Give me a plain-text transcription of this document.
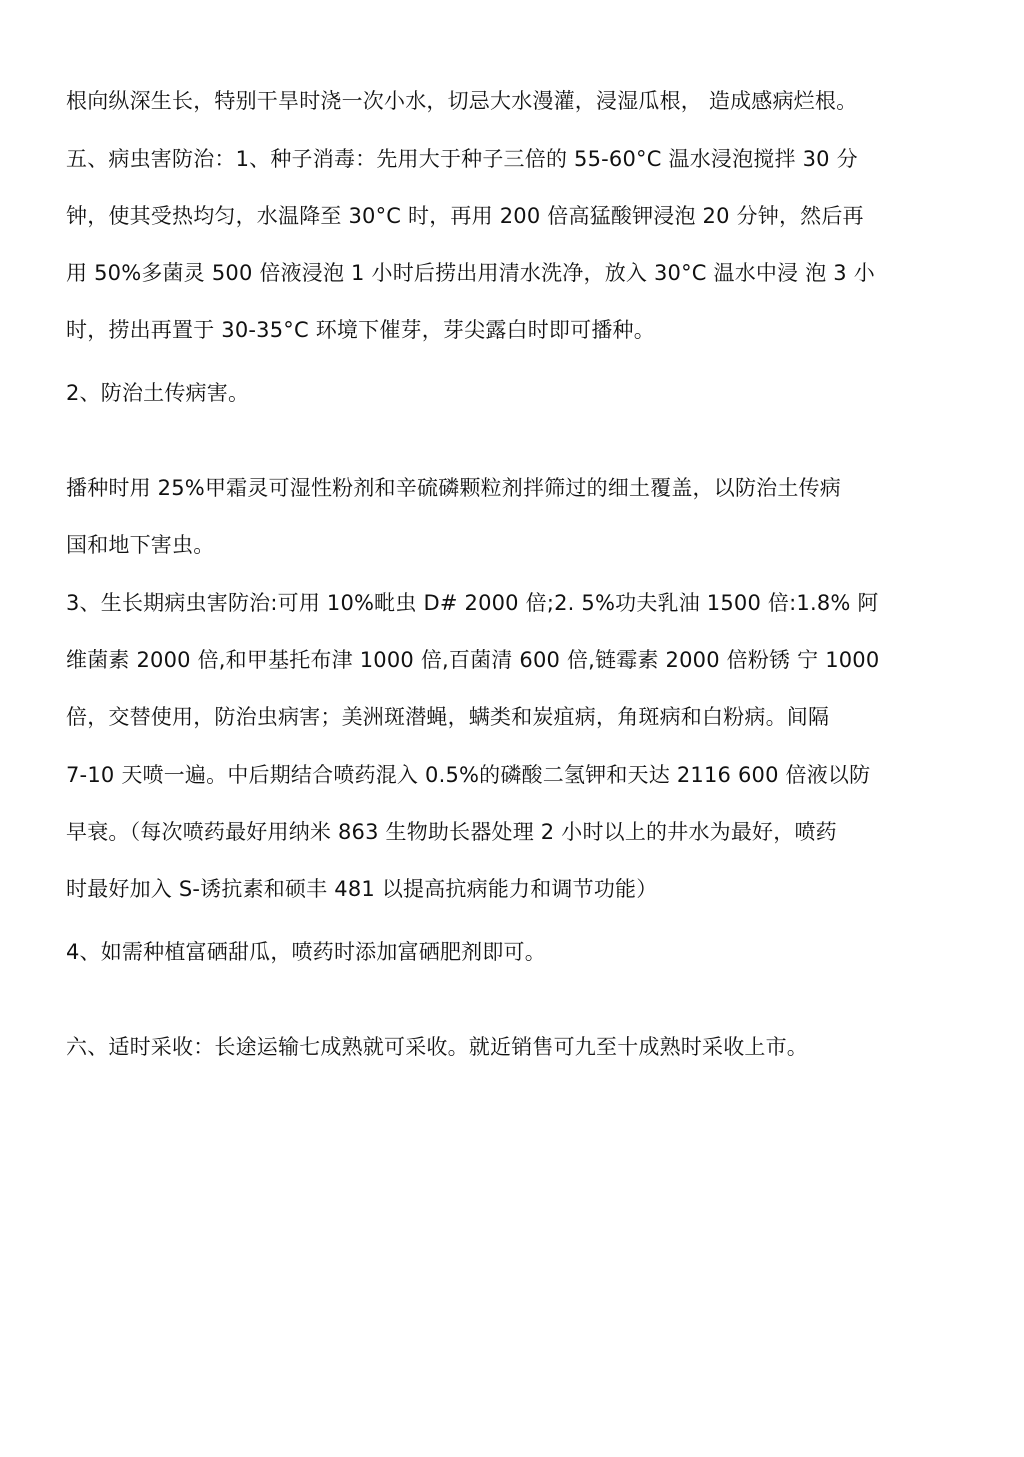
根向纵深生长，特别干旱时浇一次小水，切忌大水漫灌，浸湿瓜根， 造成感病烂根。
五、病虫害防治：1、种子消毒：先用大于种子三倍的 55-60°C 温水浸泡搅拌 30 分
钟，使其受热均匀，水温降至 30°C 时，再用 200 倍高猛酸钾浸泡 20 分钟，然后再
用 50%多菌灵 500 倍液浸泡 1 小时后捞出用清水洗净，放入 30°C 温水中浸 泡 3 小
时，捞出再置于 30-35°C 环境下催芽，芽尖露白时即可播种。
2、防治土传病害。
播种时用 25%甲霜灵可湿性粉剂和辛硫磷颗粒剂拌筛过的细土覆盖，以防治土传病
国和地下害虫。
3、生长期病虫害防治:可用 10%毗虫 D# 2000 倍;2. 5%功夫乳油 1500 倍:1.8% 阿
维菌素 2000 倍,和甲基托布津 1000 倍,百菌清 600 倍,链霉素 2000 倍粉锈 宁 1000
倍，交替使用，防治虫病害；美洲斑潜蝇，螨类和炭疽病，角斑病和白粉病。间隔
7-10 天喷一遍。中后期结合喷药混入 0.5%的磷酸二氢钾和天达 2116 600 倍液以防
早衰。（每次喷药最好用纳米 863 生物助长器处理 2 小时以上的井水为最好，喷药
时最好加入 S-诱抗素和硕丰 481 以提高抗病能力和调节功能）
4、如需种植富硒甜瓜，喷药时添加富硒肥剂即可。
六、适时采收：长途运输七成熟就可采收。就近销售可九至十成熟时采收上市。
